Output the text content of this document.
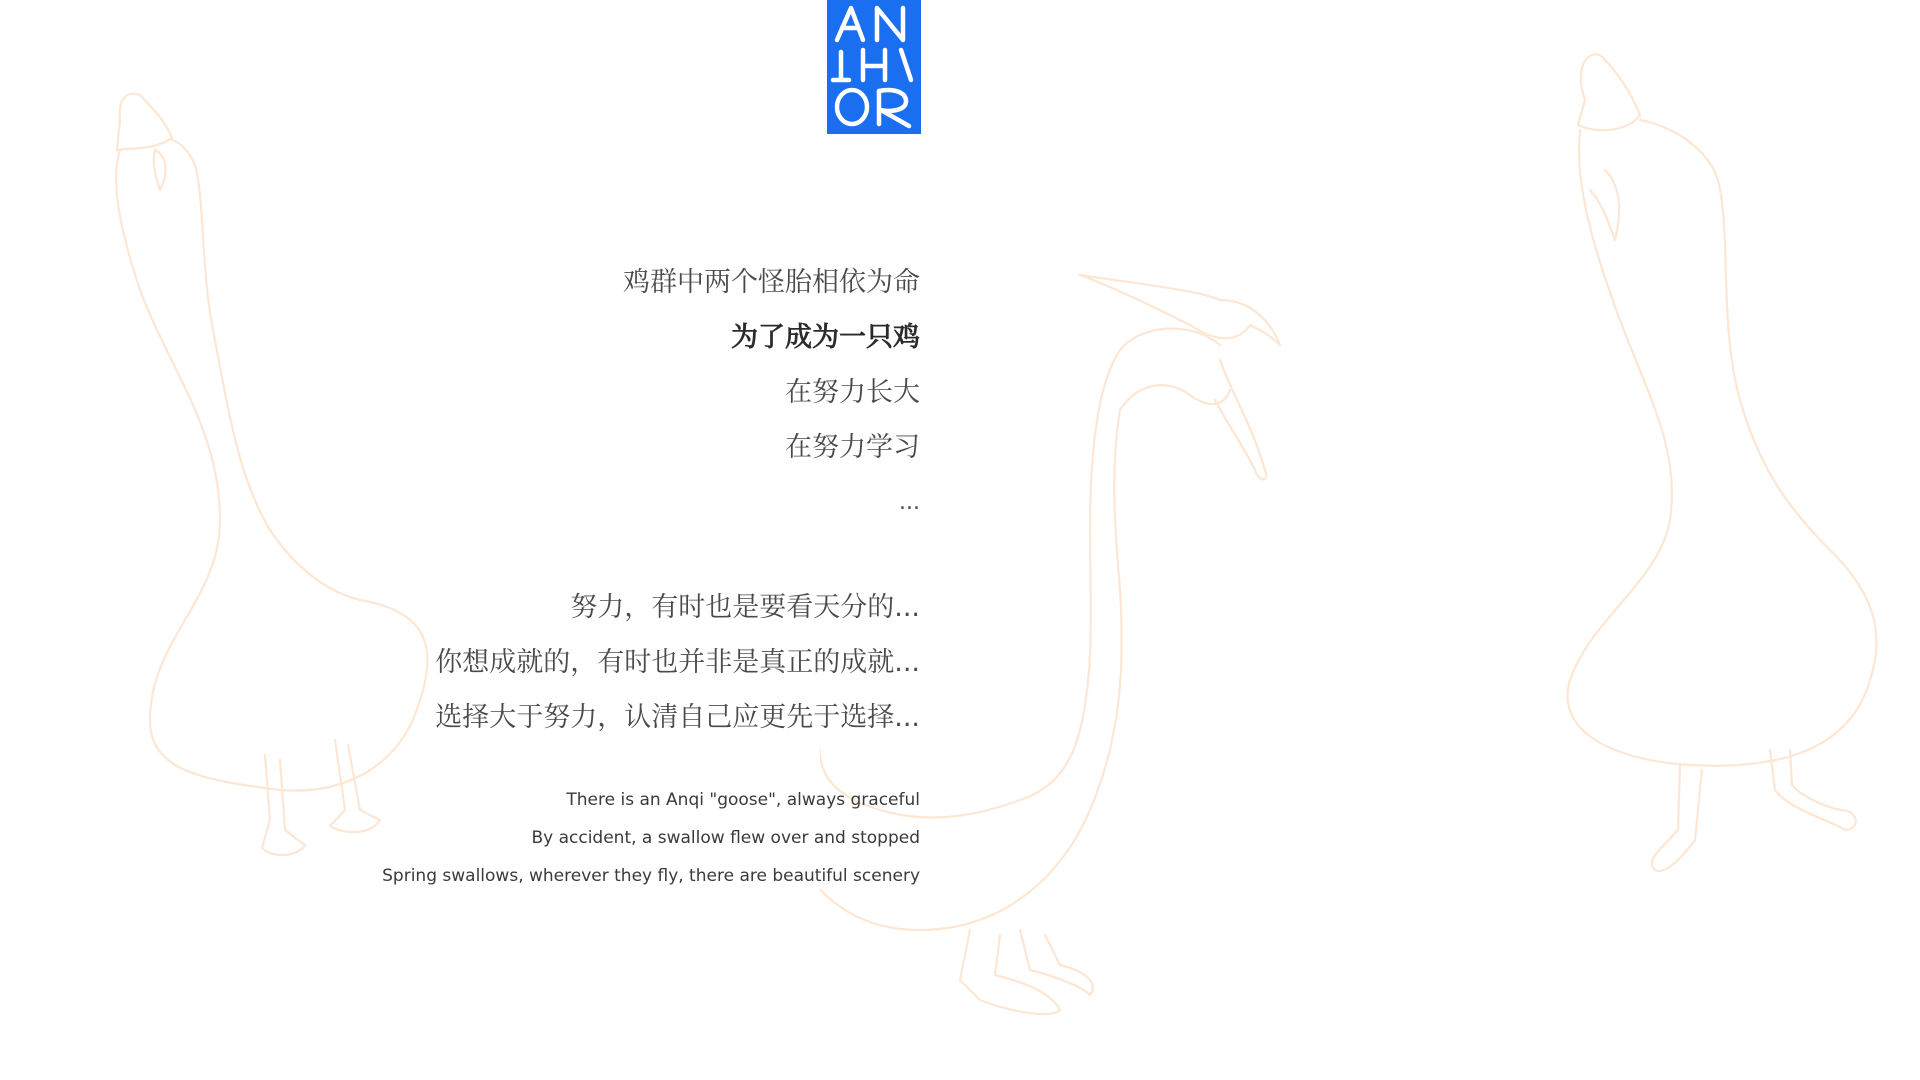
鸡群中两个怪胎相依为命
为了成为一只鸡
在努力长大
在努力学习
...
努力，有时也是要看天分的...
你想成就的，有时也并非是真正的成就...
选择大于努力，认清自己应更先于选择...
There is an Anqi "goose", always graceful
By accident, a swallow flew over and stopped
Spring swallows, wherever they fly, there are beautiful scenery
